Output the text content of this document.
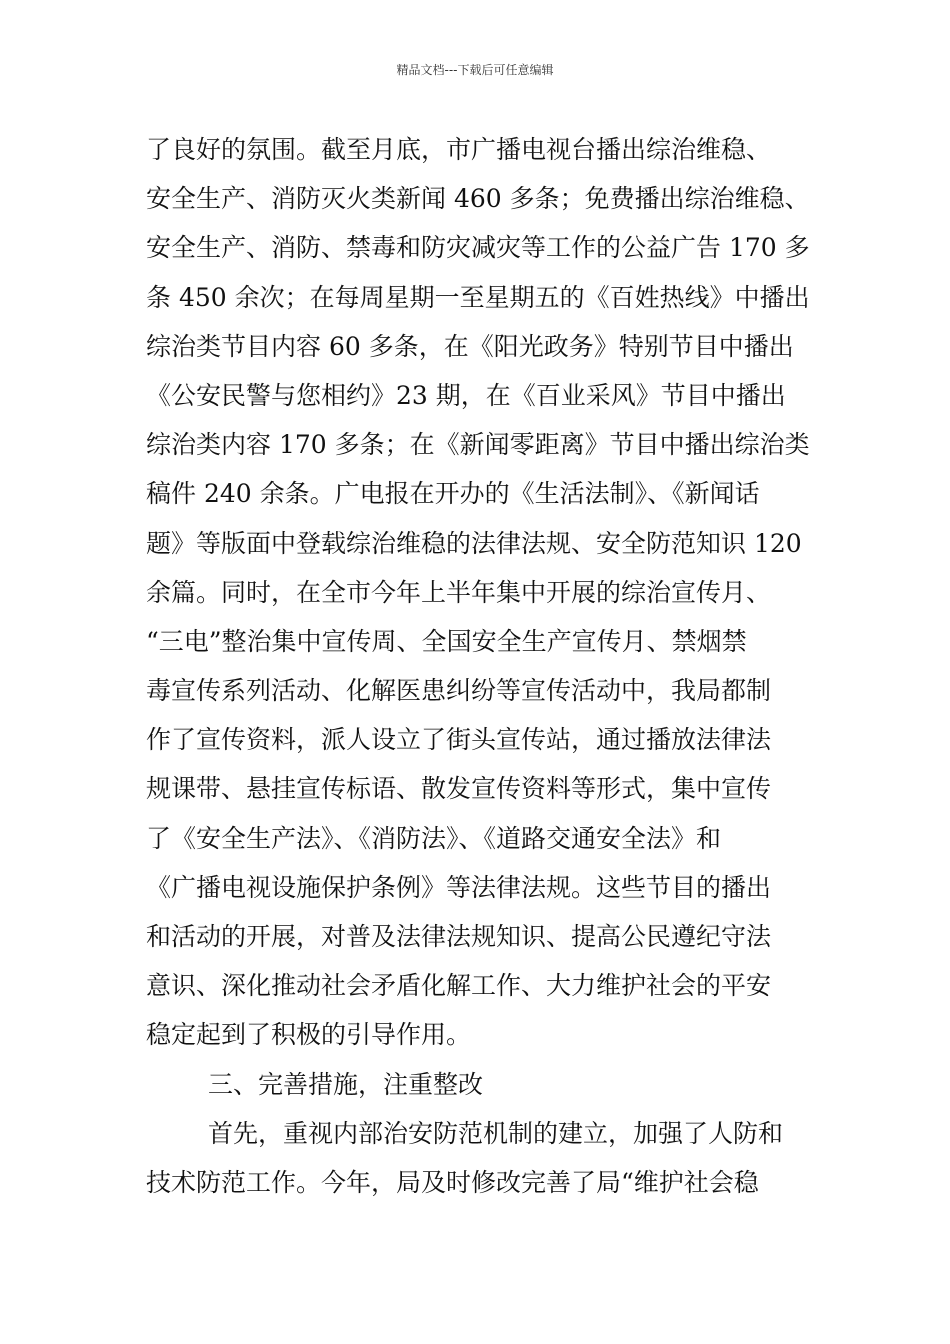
精品文档---下载后可任意编辑
了良好的氛围。截至月底，市广播电视台播出综治维稳、
安全生产、消防灭火类新闻 460 多条；免费播出综治维稳、
安全生产、消防、禁毒和防灾减灾等工作的公益广告 170 多
条 450 余次；在每周星期一至星期五的《百姓热线》中播出
综治类节目内容 60 多条，在《阳光政务》特别节目中播出
《公安民警与您相约》23 期，在《百业采风》节目中播出
综治类内容 170 多条；在《新闻零距离》节目中播出综治类
稿件 240 余条。广电报在开办的《生活法制》、《新闻话
题》等版面中登载综治维稳的法律法规、安全防范知识 120
余篇。同时，在全市今年上半年集中开展的综治宣传月、
“三电”整治集中宣传周、全国安全生产宣传月、禁烟禁
毒宣传系列活动、化解医患纠纷等宣传活动中，我局都制
作了宣传资料，派人设立了街头宣传站，通过播放法律法
规课带、悬挂宣传标语、散发宣传资料等形式，集中宣传
了《安全生产法》、《消防法》、《道路交通安全法》和
《广播电视设施保护条例》等法律法规。这些节目的播出
和活动的开展，对普及法律法规知识、提高公民遵纪守法
意识、深化推动社会矛盾化解工作、大力维护社会的平安
稳定起到了积极的引导作用。
三、完善措施，注重整改
首先，重视内部治安防范机制的建立，加强了人防和
技术防范工作。今年，局及时修改完善了局“维护社会稳
